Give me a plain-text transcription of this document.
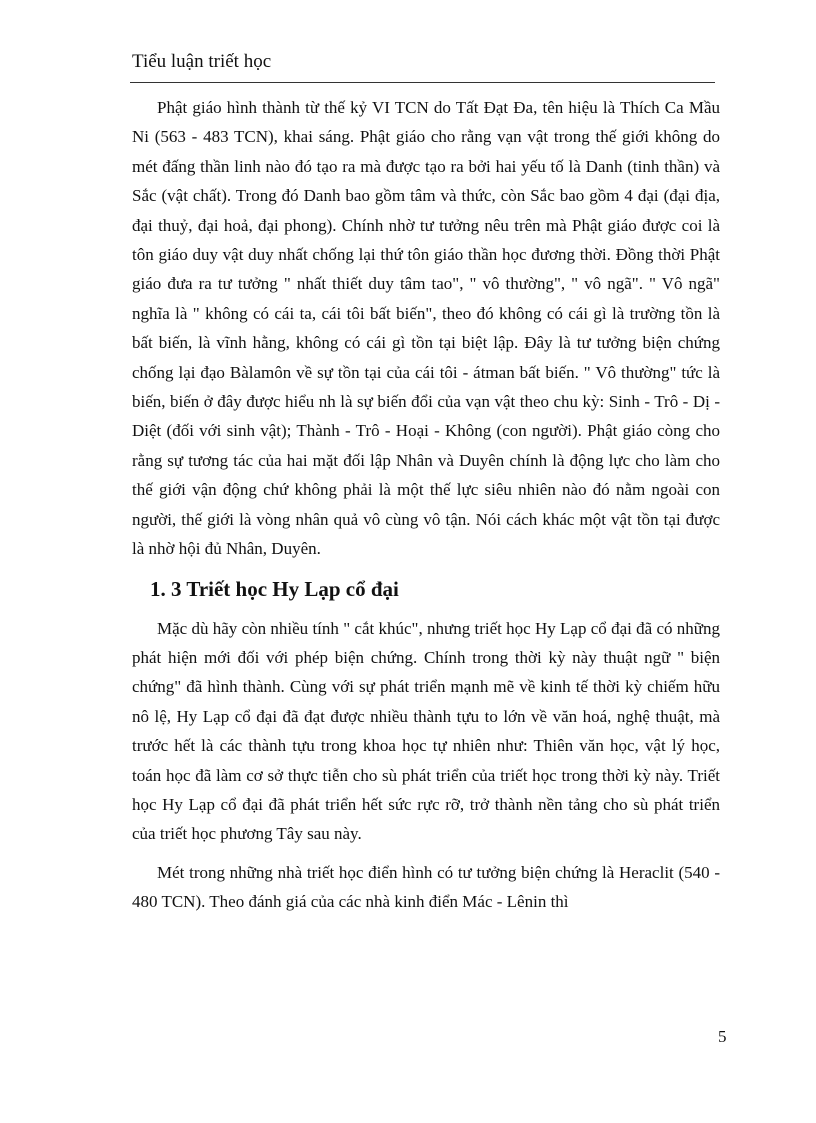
Tiểu luận triết học

Phật giáo hình thành từ thế kỷ VI TCN do Tất Đạt Đa, tên hiệu là Thích Ca Mầu Ni (563 - 483 TCN), khai sáng. Phật giáo cho rằng vạn vật trong thế giới không do mét đấng thần linh nào đó tạo ra mà được tạo ra bởi hai yếu tố là Danh (tinh thần) và Sắc (vật chất). Trong đó Danh bao gồm tâm và thức, còn Sắc bao gồm 4 đại (đại địa, đại thuỷ, đại hoả, đại phong). Chính nhờ tư tưởng nêu trên mà Phật giáo được coi là tôn giáo duy vật duy nhất chống lại thứ tôn giáo thần học đương thời. Đồng thời Phật giáo đưa ra tư tưởng " nhất thiết duy tâm tao", " vô thường", " vô ngã". " Vô ngã" nghĩa là " không có cái ta, cái tôi bất biến", theo đó không có cái gì là trường tồn là bất biến, là vĩnh hằng, không có cái gì tồn tại biệt lập. Đây là tư tưởng biện chứng chống lại đạo Bàlamôn về sự tồn tại của cái tôi - átman bất biến. " Vô thường" tức là biến, biến ở đây được hiểu nh là sự biến đổi của vạn vật theo chu kỳ: Sinh - Trô - Dị - Diệt (đối với sinh vật); Thành - Trô - Hoại - Không (con người). Phật giáo còng cho rằng sự tương tác của hai mặt đối lập Nhân và Duyên chính là động lực cho làm cho thế giới vận động chứ không phải là một thế lực siêu nhiên nào đó nằm ngoài con người, thế giới là vòng nhân quả vô cùng vô tận. Nói cách khác một vật tồn tại được là nhờ hội đủ Nhân, Duyên.

1. 3 Triết học Hy Lạp cổ đại

Mặc dù hãy còn nhiều tính " cắt khúc", nhưng triết học Hy Lạp cổ đại đã có những phát hiện mới đối với phép biện chứng. Chính trong thời kỳ này thuật ngữ " biện chứng" đã hình thành. Cùng với sự phát triển mạnh mẽ về kinh tế thời kỳ chiếm hữu nô lệ, Hy Lạp cổ đại đã đạt được nhiều thành tựu to lớn về văn hoá, nghệ thuật, mà trước hết là các thành tựu trong khoa học tự nhiên như: Thiên văn học, vật lý học, toán học đã làm cơ sở thực tiễn cho sù phát triển của triết học trong thời kỳ này. Triết học Hy Lạp cổ đại đã phát triển hết sức rực rỡ, trở thành nền tảng cho sù phát triển của triết học phương Tây sau này.

Mét trong những nhà triết học điển hình có tư tưởng biện chứng là Heraclit (540 - 480 TCN). Theo đánh giá của các nhà kinh điển Mác - Lênin thì

5
